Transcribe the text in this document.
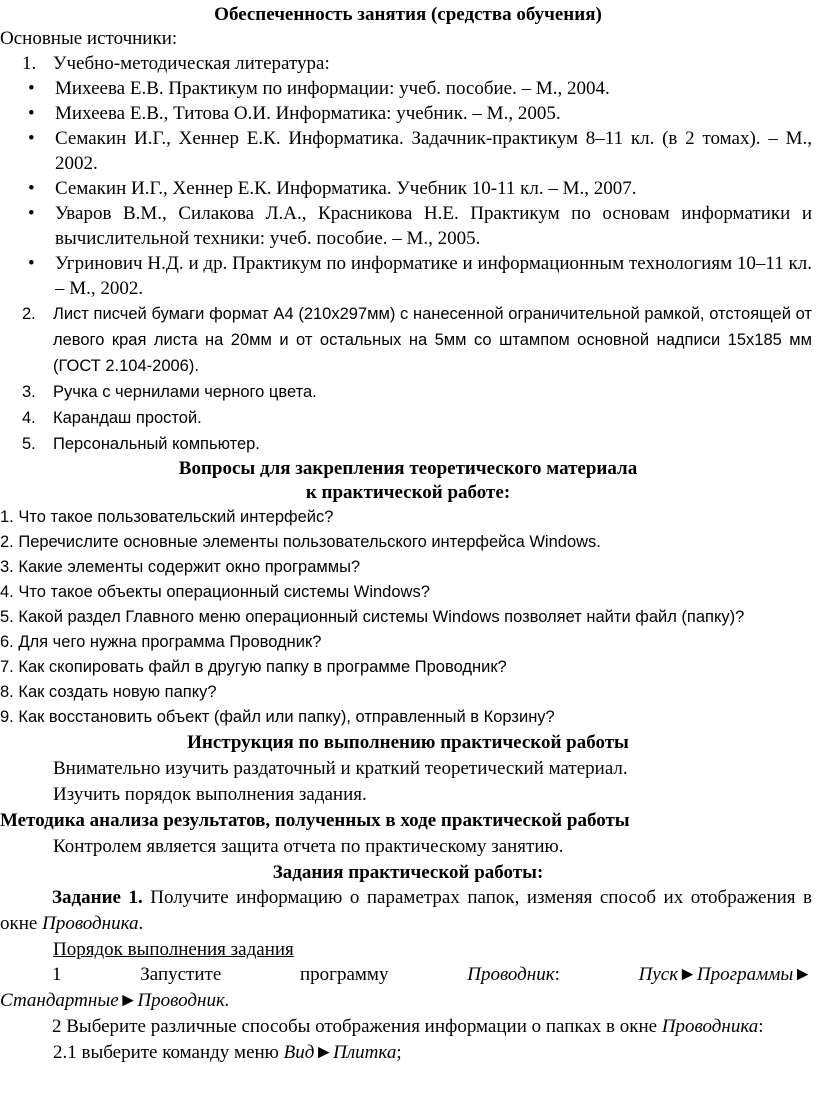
Обеспеченность занятия (средства обучения)

Основные источники:

1. Учебно-методическая литература:
• Михеева Е.В. Практикум по информации: учеб. пособие. – М., 2004.
• Михеева Е.В., Титова О.И. Информатика: учебник. – М., 2005.
• Семакин И.Г., Хеннер Е.К. Информатика. Задачник-практикум 8–11 кл. (в 2 томах). – М., 2002.
• Семакин И.Г., Хеннер Е.К. Информатика. Учебник 10-11 кл. – М., 2007.
• Уваров В.М., Силакова Л.А., Красникова Н.Е. Практикум по основам информатики и вычислительной техники: учеб. пособие. – М., 2005.
• Угринович Н.Д. и др. Практикум по информатике и информационным технологиям 10–11 кл. – М., 2002.
2. Лист писчей бумаги формат А4 (210х297мм) с нанесенной ограничительной рамкой, отстоящей от левого края листа на 20мм и от остальных на 5мм со штампом основной надписи 15х185 мм (ГОСТ 2.104-2006).
3. Ручка с чернилами черного цвета.
4. Карандаш простой.
5. Персональный компьютер.

Вопросы для закрепления теоретического материала

к практической работе:

1. Что такое пользовательский интерфейс?

2. Перечислите основные элементы пользовательского интерфейса Windows.

3. Какие элементы содержит окно программы?

4. Что такое объекты операционный системы Windows?

5. Какой раздел Главного меню операционный системы Windows позволяет найти файл (папку)?

6. Для чего нужна программа Проводник?

7. Как скопировать файл в другую папку в программе Проводник?

8. Как создать новую папку?

9. Как восстановить объект (файл или папку), отправленный в Корзину?

Инструкция по выполнению практической работы

Внимательно изучить раздаточный и краткий теоретический материал.

Изучить порядок выполнения задания.

Методика анализа результатов, полученных в ходе практической работы

Контролем является защита отчета по практическому занятию.

Задания практической работы:

Задание 1. Получите информацию о параметрах папок, изменяя способ их отображения в окне Проводника.

Порядок выполнения задания

1	Запустите	программу	Проводник:	Пуск►Программы►

Стандартные►Проводник.

2 Выберите различные способы отображения информации о папках в окне Проводника:

2.1 выберите команду меню Вид►Плитка;
